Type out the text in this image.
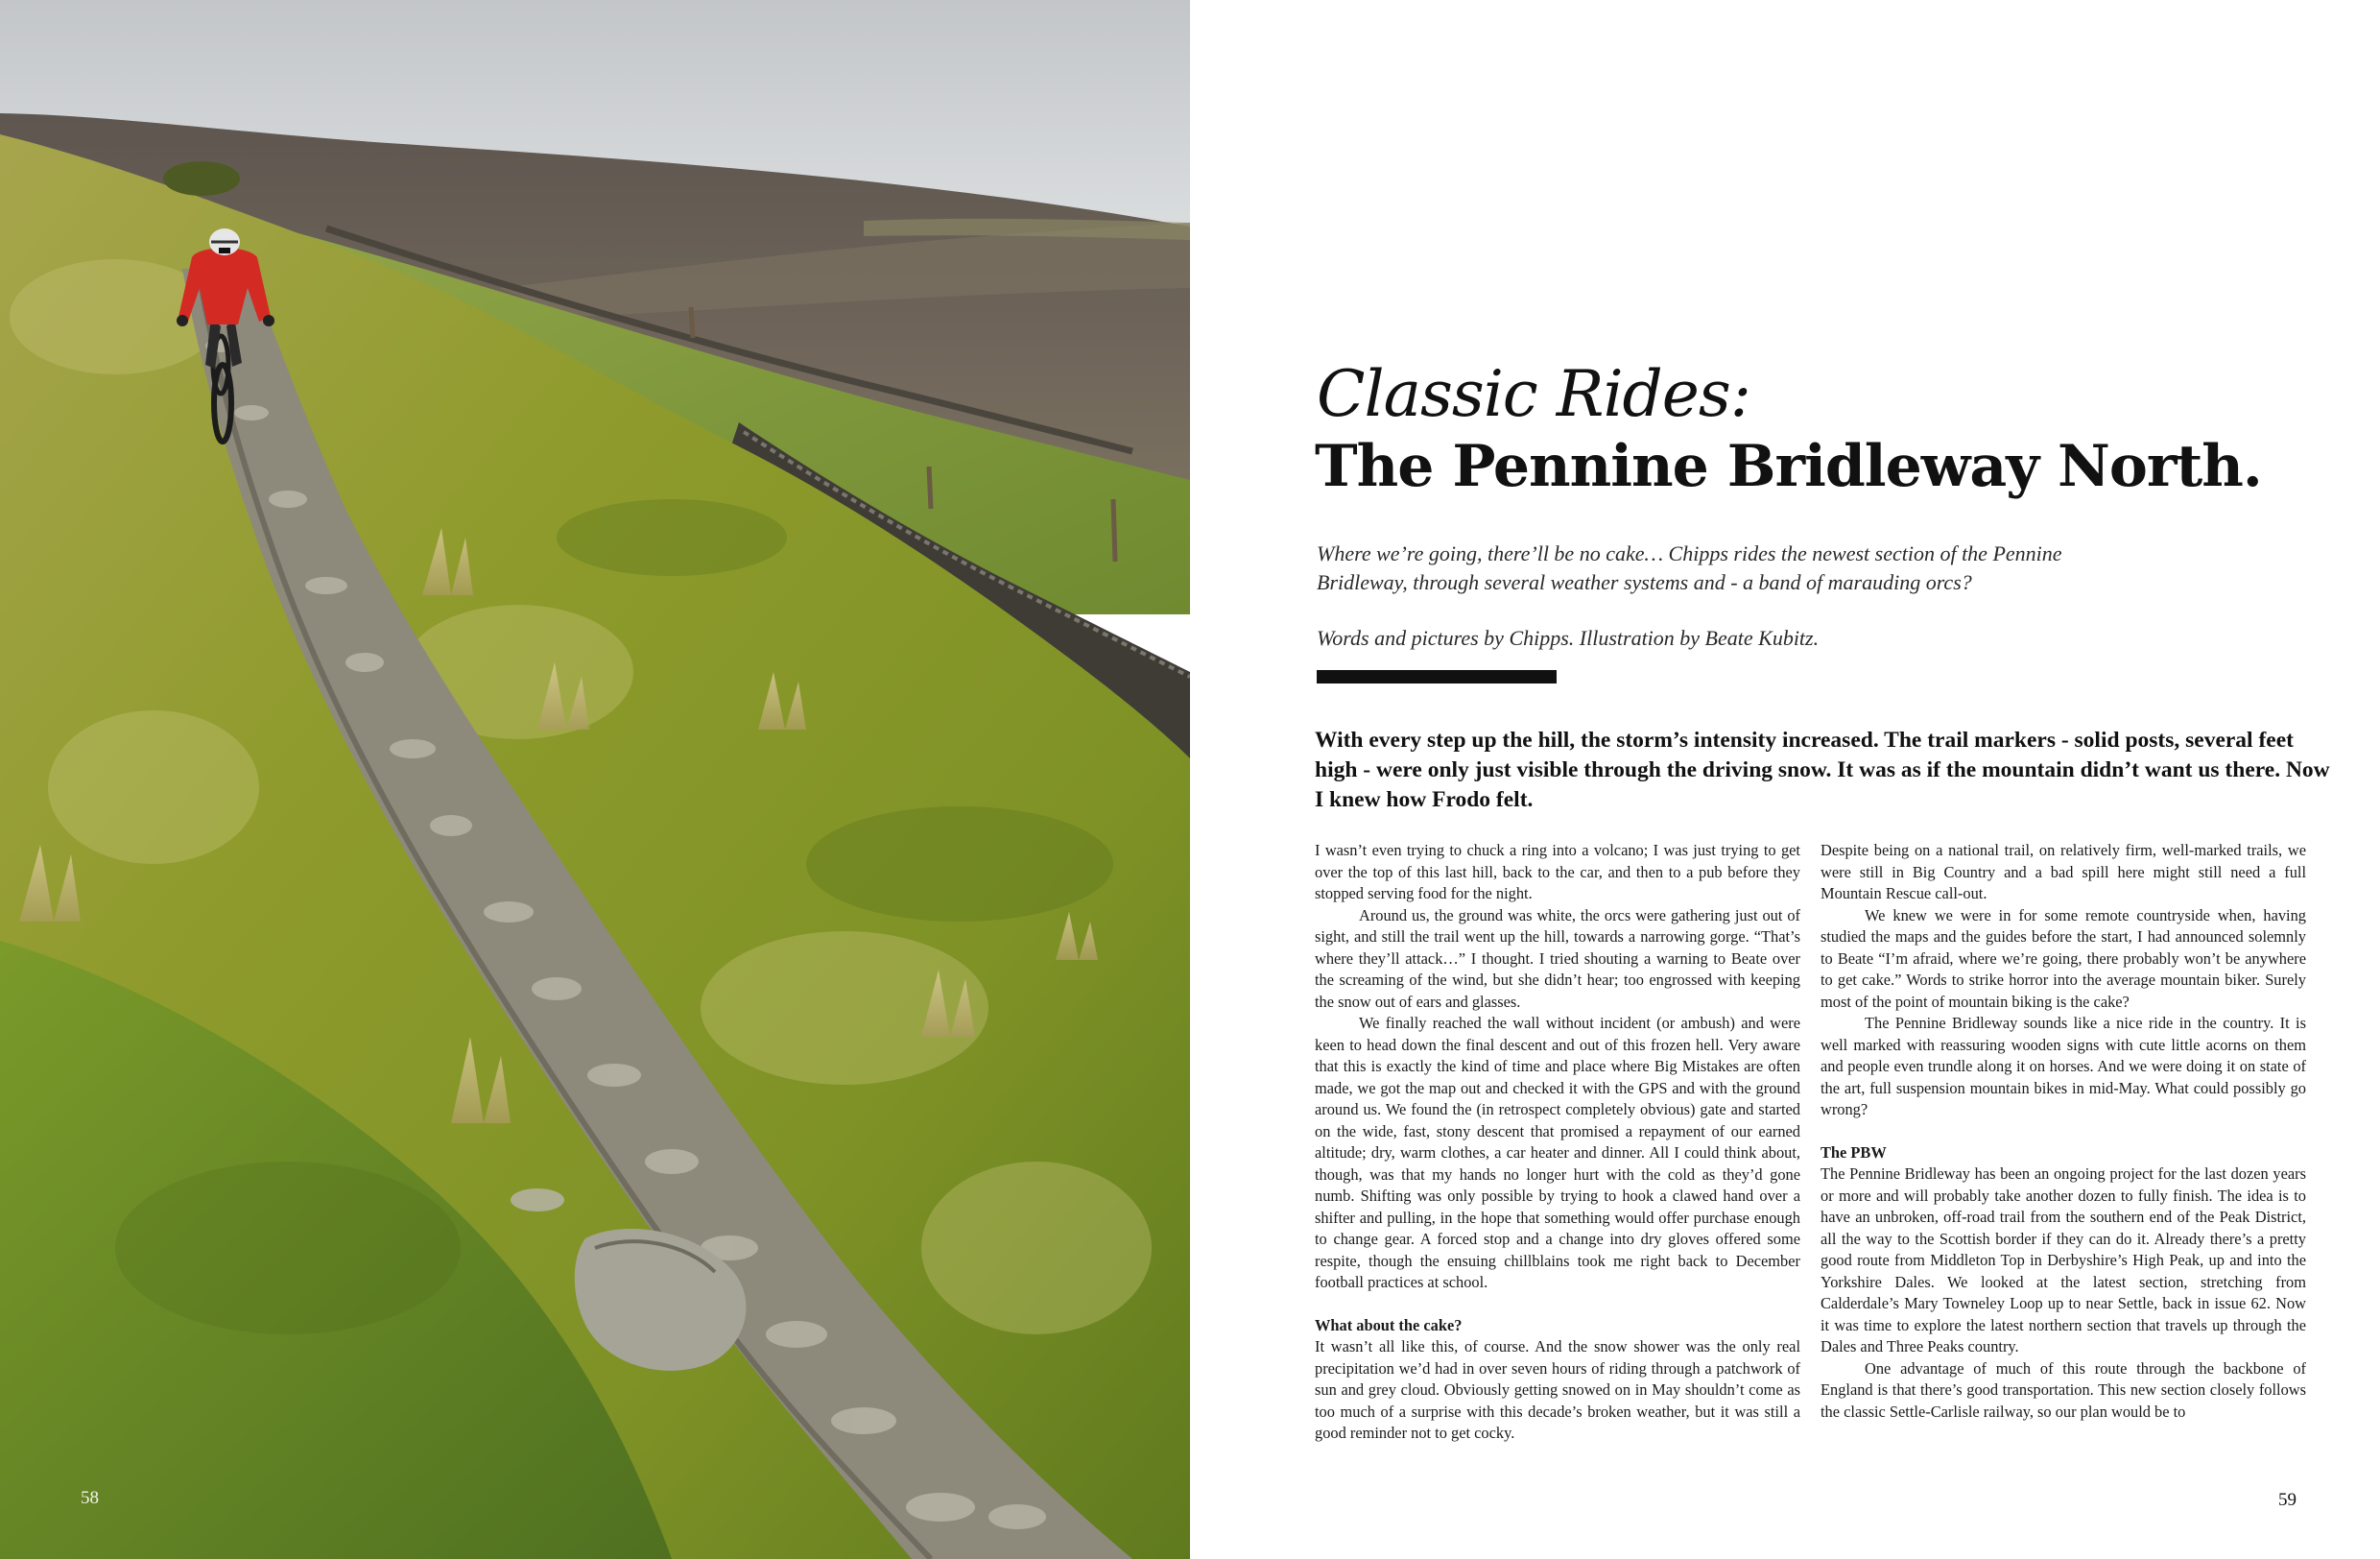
58
Classic Rides:
The Pennine Bridleway North.

Where we’re going, there’ll be no cake… Chipps rides the newest section of the Pennine Bridleway, through several weather systems and - a band of marauding orcs?

Words and pictures by Chipps. Illustration by Beate Kubitz.

With every step up the hill, the storm’s intensity increased. The trail markers - solid posts, several feet high - were only just visible through the driving snow. It was as if the mountain didn’t want us there. Now I knew how Frodo felt.

I wasn’t even trying to chuck a ring into a volcano; I was just trying to get over the top of this last hill, back to the car, and then to a pub before they stopped serving food for the night.

Around us, the ground was white, the orcs were gathering just out of sight, and still the trail went up the hill, towards a narrowing gorge. “That’s where they’ll attack…” I thought. I tried shouting a warning to Beate over the screaming of the wind, but she didn’t hear; too engrossed with keeping the snow out of ears and glasses.

We finally reached the wall without incident (or ambush) and were keen to head down the final descent and out of this frozen hell. Very aware that this is exactly the kind of time and place where Big Mistakes are often made, we got the map out and checked it with the GPS and with the ground around us. We found the (in retrospect completely obvious) gate and started on the wide, fast, stony descent that promised a repayment of our earned altitude; dry, warm clothes, a car heater and dinner. All I could think about, though, was that my hands no longer hurt with the cold as they’d gone numb. Shifting was only possible by trying to hook a clawed hand over a shifter and pulling, in the hope that something would offer purchase enough to change gear. A forced stop and a change into dry gloves offered some respite, though the ensuing chillblains took me right back to December football practices at school.

What about the cake?

It wasn’t all like this, of course. And the snow shower was the only real precipitation we’d had in over seven hours of riding through a patchwork of sun and grey cloud. Obviously getting snowed on in May shouldn’t come as too much of a surprise with this decade’s broken weather, but it was still a good reminder not to get cocky.

Despite being on a national trail, on relatively firm, well-marked trails, we were still in Big Country and a bad spill here might still need a full Mountain Rescue call-out.

We knew we were in for some remote countryside when, having studied the maps and the guides before the start, I had announced solemnly to Beate “I’m afraid, where we’re going, there probably won’t be anywhere to get cake.” Words to strike horror into the average mountain biker. Surely most of the point of mountain biking is the cake?

The Pennine Bridleway sounds like a nice ride in the country. It is well marked with reassuring wooden signs with cute little acorns on them and people even trundle along it on horses. And we were doing it on state of the art, full suspension mountain bikes in mid-May. What could possibly go wrong?

The PBW

The Pennine Bridleway has been an ongoing project for the last dozen years or more and will probably take another dozen to fully finish. The idea is to have an unbroken, off-road trail from the southern end of the Peak District, all the way to the Scottish border if they can do it. Already there’s a pretty good route from Middleton Top in Derbyshire’s High Peak, up and into the Yorkshire Dales. We looked at the latest section, stretching from Calderdale’s Mary Towneley Loop up to near Settle, back in issue 62. Now it was time to explore the latest northern section that travels up through the Dales and Three Peaks country.

One advantage of much of this route through the backbone of England is that there’s good transportation. This new section closely follows the classic Settle-Carlisle railway, so our plan would be to

59
